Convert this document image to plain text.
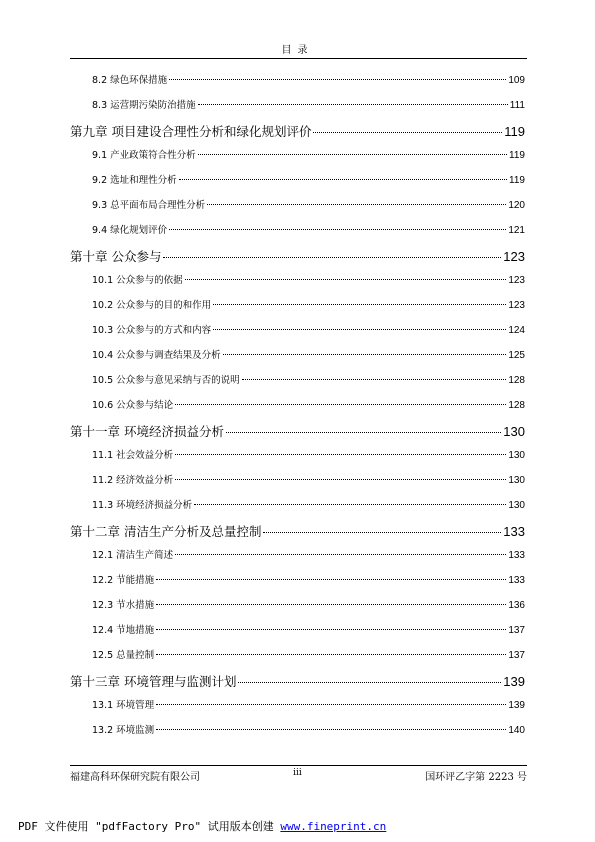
目录
8.2 绿色环保措施	109
8.3 运营期污染防治措施	111
第九章 项目建设合理性分析和绿化规划评价	119
9.1 产业政策符合性分析	119
9.2 选址和理性分析	119
9.3 总平面布局合理性分析	120
9.4 绿化规划评价	121
第十章 公众参与	123
10.1 公众参与的依据	123
10.2 公众参与的目的和作用	123
10.3 公众参与的方式和内容	124
10.4 公众参与调查结果及分析	125
10.5 公众参与意见采纳与否的说明	128
10.6 公众参与结论	128
第十一章 环境经济损益分析	130
11.1 社会效益分析	130
11.2 经济效益分析	130
11.3 环境经济损益分析	130
第十二章 清洁生产分析及总量控制	133
12.1 清洁生产简述	133
12.2 节能措施	133
12.3 节水措施	136
12.4 节地措施	137
12.5 总量控制	137
第十三章 环境管理与监测计划	139
13.1 环境管理	139
13.2 环境监测	140
福建高科环保研究院有限公司	iii	国环评乙字第 2223 号
PDF 文件使用 "pdfFactory Pro" 试用版本创建 www.fineprint.cn
